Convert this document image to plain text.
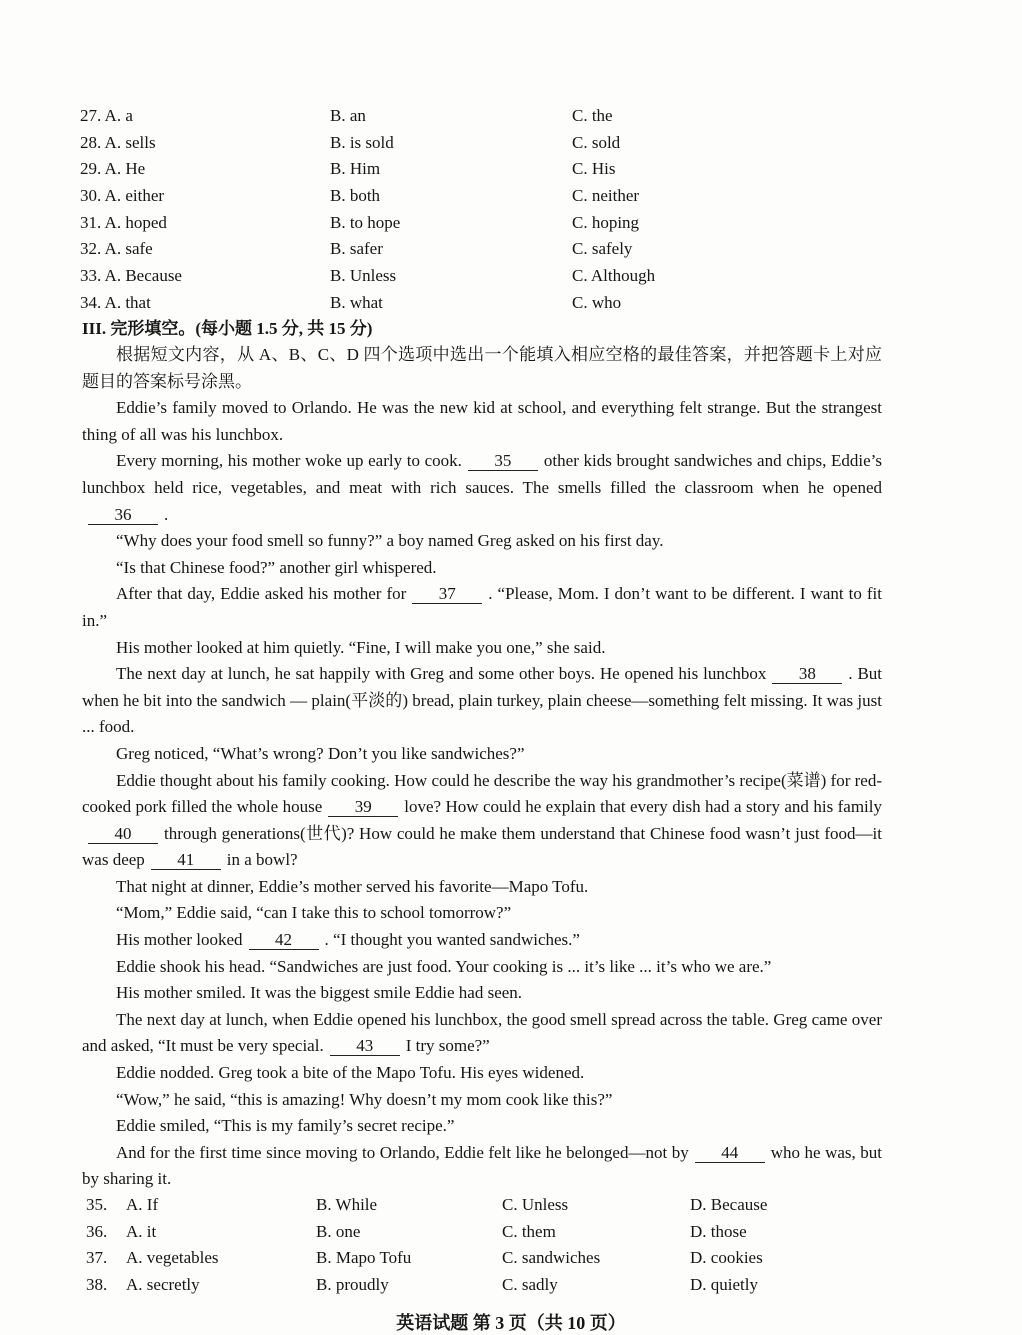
27. A. a	B. an	C. the
28. A. sells	B. is sold	C. sold
29. A. He	B. Him	C. His
30. A. either	B. both	C. neither
31. A. hoped	B. to hope	C. hoping
32. A. safe	B. safer	C. safely
33. A. Because	B. Unless	C. Although
34. A. that	B. what	C. who
III. 完形填空。(每小题 1.5 分, 共 15 分)

根据短文内容，从 A、B、C、D 四个选项中选出一个能填入相应空格的最佳答案，并把答题卡上对应题目的答案标号涂黑。

Eddie’s family moved to Orlando. He was the new kid at school, and everything felt strange. But the strangest thing of all was his lunchbox.

Every morning, his mother woke up early to cook. 35 other kids brought sandwiches and chips, Eddie’s lunchbox held rice, vegetables, and meat with rich sauces. The smells filled the classroom when he opened36 .

“Why does your food smell so funny?” a boy named Greg asked on his first day.

“Is that Chinese food?” another girl whispered.

After that day, Eddie asked his mother for 37 . “Please, Mom. I don’t want to be different. I want to fit in.”

His mother looked at him quietly. “Fine, I will make you one,” she said.

The next day at lunch, he sat happily with Greg and some other boys. He opened his lunchbox 38 . But when he bit into the sandwich — plain(平淡的) bread, plain turkey, plain cheese—something felt missing. It was just ... food.

Greg noticed, “What’s wrong? Don’t you like sandwiches?”

Eddie thought about his family cooking. How could he describe the way his grandmother’s recipe(菜谱) for red-cooked pork filled the whole house 39 love? How could he explain that every dish had a story and his family40 through generations(世代)? How could he make them understand that Chinese food wasn’t just food—it was deep 41 in a bowl?

That night at dinner, Eddie’s mother served his favorite—Mapo Tofu.

“Mom,” Eddie said, “can I take this to school tomorrow?”

His mother looked 42 . “I thought you wanted sandwiches.”

Eddie shook his head. “Sandwiches are just food. Your cooking is ... it’s like ... it’s who we are.”

His mother smiled. It was the biggest smile Eddie had seen.

The next day at lunch, when Eddie opened his lunchbox, the good smell spread across the table. Greg came over and asked, “It must be very special. 43 I try some?”

Eddie nodded. Greg took a bite of the Mapo Tofu. His eyes widened.

“Wow,” he said, “this is amazing! Why doesn’t my mom cook like this?”

Eddie smiled, “This is my family’s secret recipe.”

And for the first time since moving to Orlando, Eddie felt like he belonged—not by 44 who he was, but by sharing it.

35. A. If	B. While	C. Unless	D. Because
36. A. it	B. one	C. them	D. those
37. A. vegetables	B. Mapo Tofu	C. sandwiches	D. cookies
38. A. secretly	B. proudly	C. sadly	D. quietly
英语试题 第 3 页（共 10 页）
